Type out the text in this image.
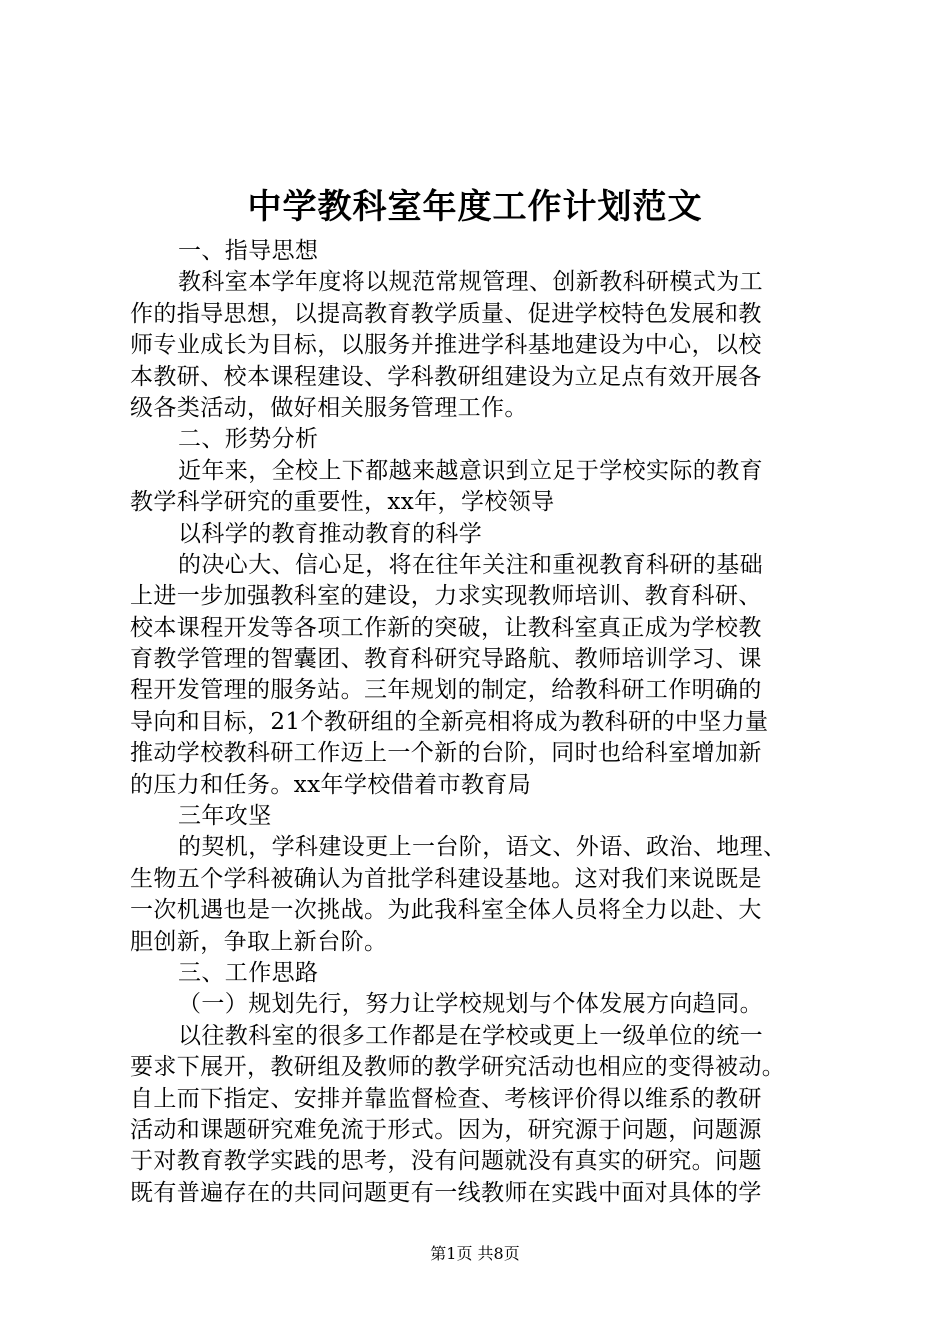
中学教科室年度工作计划范文
一、指导思想
教科室本学年度将以规范常规管理、创新教科研模式为工
作的指导思想，以提高教育教学质量、促进学校特色发展和教
师专业成长为目标，以服务并推进学科基地建设为中心，以校
本教研、校本课程建设、学科教研组建设为立足点有效开展各
级各类活动，做好相关服务管理工作。
二、形势分析
近年来，全校上下都越来越意识到立足于学校实际的教育
教学科学研究的重要性，xx年，学校领导
以科学的教育推动教育的科学
的决心大、信心足，将在往年关注和重视教育科研的基础
上进一步加强教科室的建设，力求实现教师培训、教育科研、
校本课程开发等各项工作新的突破，让教科室真正成为学校教
育教学管理的智囊团、教育科研究导路航、教师培训学习、课
程开发管理的服务站。三年规划的制定，给教科研工作明确的
导向和目标，21个教研组的全新亮相将成为教科研的中坚力量
推动学校教科研工作迈上一个新的台阶，同时也给科室增加新
的压力和任务。xx年学校借着市教育局
三年攻坚
的契机，学科建设更上一台阶，语文、外语、政治、地理、
生物五个学科被确认为首批学科建设基地。这对我们来说既是
一次机遇也是一次挑战。为此我科室全体人员将全力以赴、大
胆创新，争取上新台阶。
三、工作思路
（一）规划先行，努力让学校规划与个体发展方向趋同。
以往教科室的很多工作都是在学校或更上一级单位的统一
要求下展开，教研组及教师的教学研究活动也相应的变得被动。
自上而下指定、安排并靠监督检查、考核评价得以维系的教研
活动和课题研究难免流于形式。因为，研究源于问题，问题源
于对教育教学实践的思考，没有问题就没有真实的研究。问题
既有普遍存在的共同问题更有一线教师在实践中面对具体的学
第1页 共8页
